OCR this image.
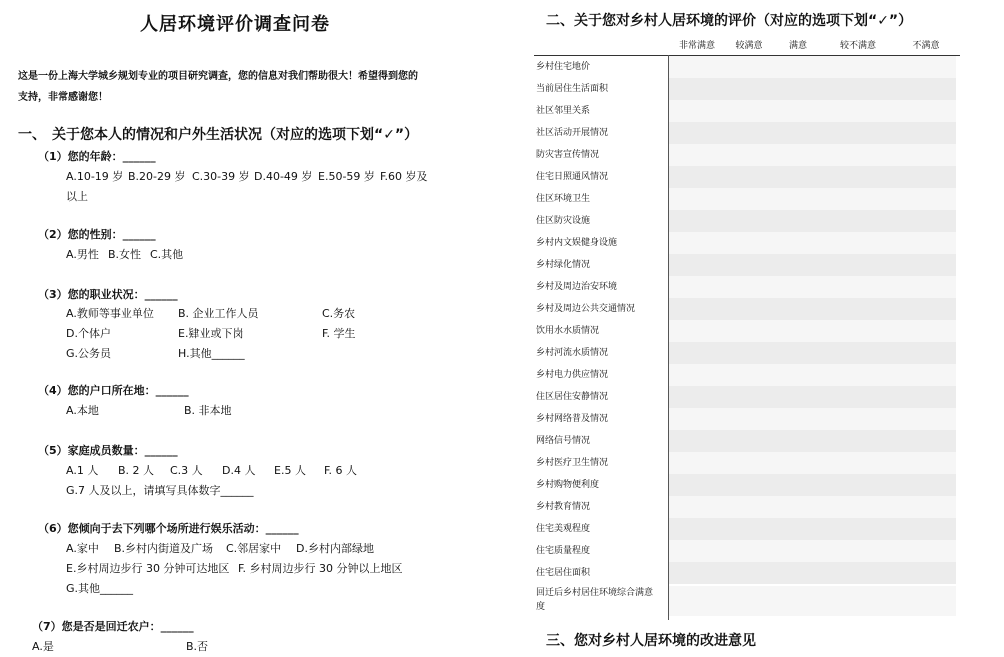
人居环境评价调查问卷
这是一份上海大学城乡规划专业的项目研究调查，您的信息对我们帮助很大！希望得到您的
支持，非常感谢您！
一、 关于您本人的情况和户外生活状况（对应的选项下划“✓”）
（1）您的年龄：______
A.10-19 岁 B.20-29 岁 C.30-39 岁 D.40-49 岁 E.50-59 岁 F.60 岁及
以上
（2）您的性别：______
A.男性 B.女性 C.其他
（3）您的职业状况：______
A.教师等事业单位 B. 企业工作人员	C.务农
D.个体户	E.肄业或下岗	F. 学生
G.公务员	H.其他______
（4）您的户口所在地：______
A.本地	B. 非本地
（5）家庭成员数量：______
A.1 人 B. 2 人 C.3 人 D.4 人 E.5 人 F. 6 人
G.7 人及以上，请填写具体数字______
（6）您倾向于去下列哪个场所进行娱乐活动：______
A.家中 B.乡村内街道及广场 C.邻居家中 D.乡村内部绿地
E.乡村周边步行 30 分钟可达地区 F. 乡村周边步行 30 分钟以上地区
G.其他______
（7）您是否是回迁农户：______
A.是	B.否
二、关于您对乡村人居环境的评价（对应的选项下划“✓”）
非常满意	较满意	满意	较不满意	不满意
乡村住宅地价
当前居住生活面积
社区邻里关系
社区活动开展情况
防灾害宣传情况
住宅日照通风情况
住区环境卫生
住区防灾设施
乡村内文娱健身设施
乡村绿化情况
乡村及周边治安环境
乡村及周边公共交通情况
饮用水水质情况
乡村河流水质情况
乡村电力供应情况
住区居住安静情况
乡村网络普及情况
网络信号情况
乡村医疗卫生情况
乡村购物便利度
乡村教育情况
住宅美观程度
住宅质量程度
住宅居住面积
回迁后乡村居住环境综合满意
度
三、您对乡村人居环境的改进意见
